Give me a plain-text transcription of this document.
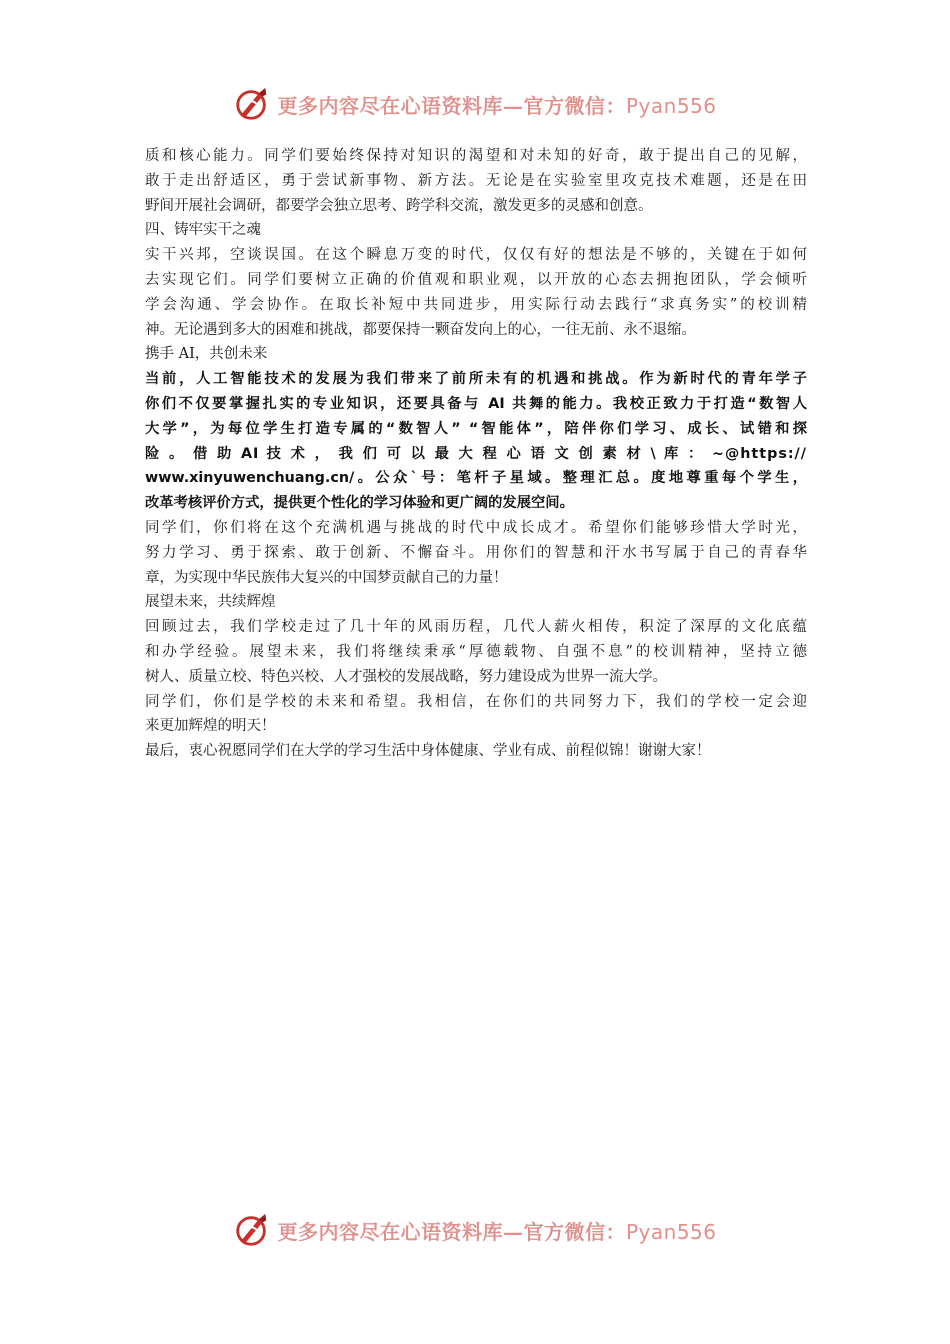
更多内容尽在心语资料库—官方微信：Pyan556
质和核心能力。同学们要始终保持对知识的渴望和对未知的好奇，敢于提出自己的见解，
敢于走出舒适区，勇于尝试新事物、新方法。无论是在实验室里攻克技术难题，还是在田
野间开展社会调研，都要学会独立思考、跨学科交流，激发更多的灵感和创意。
四、铸牢实干之魂
实干兴邦，空谈误国。在这个瞬息万变的时代，仅仅有好的想法是不够的，关键在于如何
去实现它们。同学们要树立正确的价值观和职业观，以开放的心态去拥抱团队，学会倾听
学会沟通、学会协作。在取长补短中共同进步，用实际行动去践行“求真务实”的校训精
神。无论遇到多大的困难和挑战，都要保持一颗奋发向上的心，一往无前、永不退缩。
携手 AI，共创未来
当前，人工智能技术的发展为我们带来了前所未有的机遇和挑战。作为新时代的青年学子
你们不仅要掌握扎实的专业知识，还要具备与 AI 共舞的能力。我校正致力于打造“数智人
大学”，为每位学生打造专属的“数智人” “智能体”，陪伴你们学习、成长、试错和探
险 。 借 助 AI 技 术 ， 我 们 可 以 最 大 程 心 语 文 创 素 材 \ 库 ： ~@https://
www.xinyuwenchuang.cn/。公众`号：笔杆子星域。整理汇总。度地尊重每个学生，
改革考核评价方式，提供更个性化的学习体验和更广阔的发展空间。
同学们，你们将在这个充满机遇与挑战的时代中成长成才。希望你们能够珍惜大学时光，
努力学习、勇于探索、敢于创新、不懈奋斗。用你们的智慧和汗水书写属于自己的青春华
章，为实现中华民族伟大复兴的中国梦贡献自己的力量！
展望未来，共续辉煌
回顾过去，我们学校走过了几十年的风雨历程，几代人薪火相传，积淀了深厚的文化底蕴
和办学经验。展望未来，我们将继续秉承“厚德载物、自强不息”的校训精神，坚持立德
树人、质量立校、特色兴校、人才强校的发展战略，努力建设成为世界一流大学。
同学们，你们是学校的未来和希望。我相信，在你们的共同努力下，我们的学校一定会迎
来更加辉煌的明天！
最后，衷心祝愿同学们在大学的学习生活中身体健康、学业有成、前程似锦！谢谢大家！
更多内容尽在心语资料库—官方微信：Pyan556
